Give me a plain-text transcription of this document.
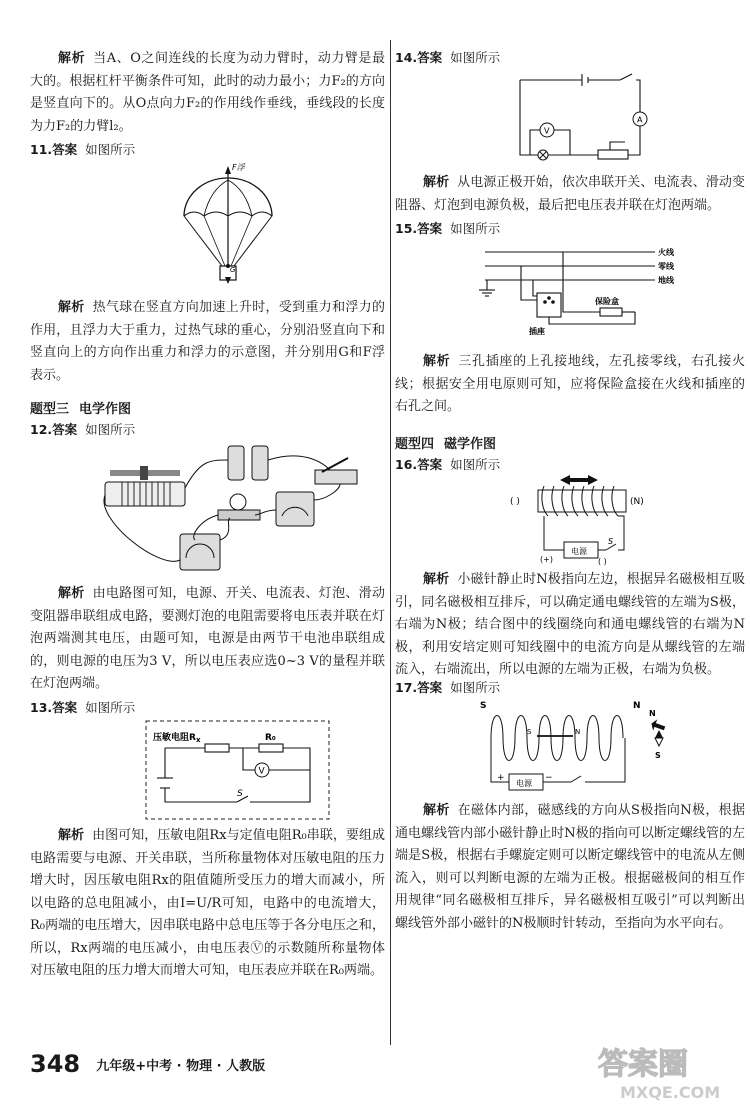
解析 当A、O之间连线的长度为动力臂时，动力臂是最大的。根据杠杆平衡条件可知，此时的动力最小；力F₂的方向是竖直向下的。从O点向力F₂的作用线作垂线，垂线段的长度为力F₂的力臂l₂。

11.答案 如图所示
F浮
G

解析 热气球在竖直方向加速上升时，受到重力和浮力的作用，且浮力大于重力，过热气球的重心，分别沿竖直向下和竖直向上的方向作出重力和浮力的示意图，并分别用G和F浮表示。

题型三 电学作图
12.答案 如图所示

解析 由电路图可知，电源、开关、电流表、灯泡、滑动变阻器串联组成电路，要测灯泡的电阻需要将电压表并联在灯泡两端测其电压，由题可知，电源是由两节干电池串联组成的，则电源的电压为3 V，所以电压表应选0~3 V的量程并联在灯泡两端。

13.答案 如图所示
压敏电阻$R_x$	R₀
V
S

解析 由图可知，压敏电阻Rx与定值电阻R₀串联，要组成电路需要与电源、开关串联，当所称量物体对压敏电阻的压力增大时，因压敏电阻Rx的阻值随所受压力的增大而减小，所以电路的总电阻减小，由I=U/R可知，电路中的电流增大，R₀两端的电压增大，因串联电路中总电压等于各分电压之和，所以，Rx两端的电压减小，由电压表Ⓥ的示数随所称量物体对压敏电阻的压力增大而增大可知，电压表应并联在R₀两端。

14.答案 如图所示
A
V

解析 从电源正极开始，依次串联开关、电流表、滑动变阻器、灯泡到电源负极，最后把电压表并联在灯泡两端。

15.答案 如图所示
火线
零线
地线
插座
保险盒

解析 三孔插座的上孔接地线，左孔接零线，右孔接火线；根据安全用电原则可知，应将保险盒接在火线和插座的右孔之间。

题型四 磁学作图
16.答案 如图所示
( )	(N)
(+)	( )
电源
S

解析 小磁针静止时N极指向左边，根据异名磁极相互吸引，同名磁极相互排斥，可以确定通电螺线管的左端为S极，右端为N极；结合图中的线圈绕向和通电螺线管的右端为N极，利用安培定则可知线圈中的电流方向是从螺线管的左端流入，右端流出，所以电源的左端为正极，右端为负极。

17.答案 如图所示
S	N
S	N
+	−
电源
N
S

解析 在磁体内部，磁感线的方向从S极指向N极，根据通电螺线管内部小磁针静止时N极的指向可以断定螺线管的左端是S极，根据右手螺旋定则可以断定螺线管中的电流从左侧流入，则可以判断电源的左端为正极。根据磁极间的相互作用规律“同名磁极相互排斥，异名磁极相互吸引”可以判断出螺线管外部小磁针的N极顺时针转动，至指向为水平向右。

348 九年级+中考 · 物理 · 人教版	答案圈
MXQE.COM
